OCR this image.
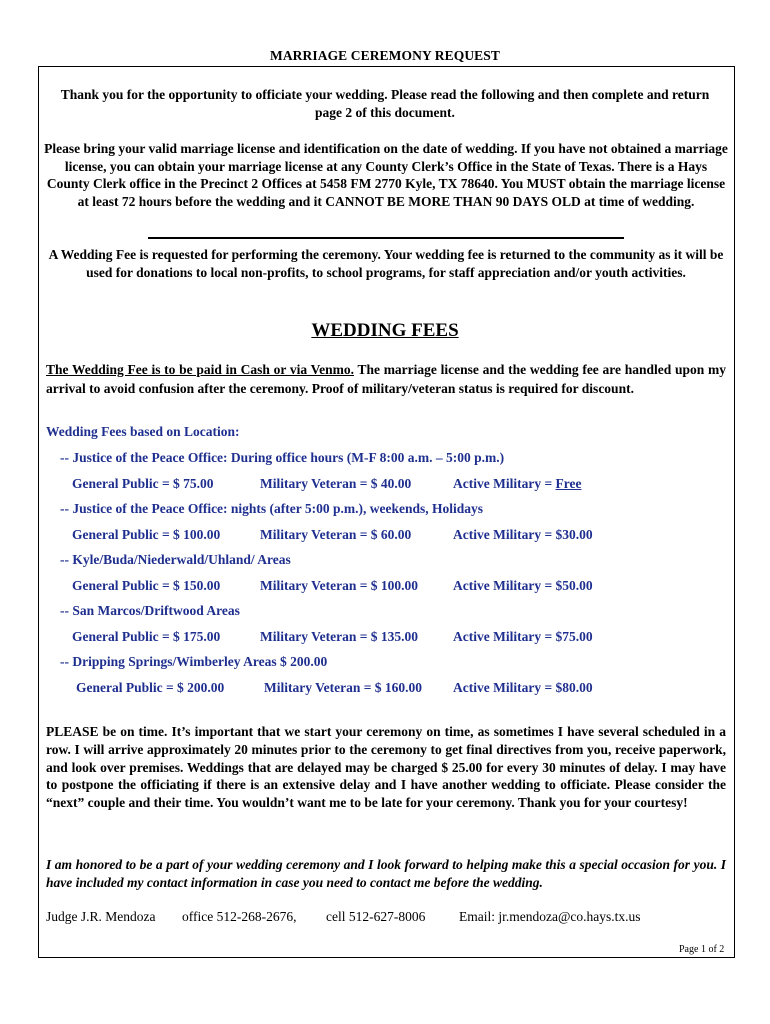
MARRIAGE CEREMONY REQUEST
Thank you for the opportunity to officiate your wedding. Please read the following and then complete and return page 2 of this document.
Please bring your valid marriage license and identification on the date of wedding. If you have not obtained a marriage license, you can obtain your marriage license at any County Clerk’s Office in the State of Texas. There is a Hays County Clerk office in the Precinct 2 Offices at 5458 FM 2770 Kyle, TX 78640. You MUST obtain the marriage license at least 72 hours before the wedding and it CANNOT BE MORE THAN 90 DAYS OLD at time of wedding.
A Wedding Fee is requested for performing the ceremony. Your wedding fee is returned to the community as it will be used for donations to local non-profits, to school programs, for staff appreciation and/or youth activities.
WEDDING FEES
The Wedding Fee is to be paid in Cash or via Venmo. The marriage license and the wedding fee are handled upon my arrival to avoid confusion after the ceremony. Proof of military/veteran status is required for discount.
Wedding Fees based on Location:
-- Justice of the Peace Office: During office hours (M-F 8:00 a.m. – 5:00 p.m.)
General Public = $ 75.00	Military Veteran = $ 40.00	Active Military = Free
-- Justice of the Peace Office: nights (after 5:00 p.m.), weekends, Holidays
General Public = $ 100.00	Military Veteran = $ 60.00	Active Military = $30.00
-- Kyle/Buda/Niederwald/Uhland/ Areas
General Public = $ 150.00	Military Veteran = $ 100.00	Active Military = $50.00
-- San Marcos/Driftwood Areas
General Public = $ 175.00	Military Veteran = $ 135.00	Active Military = $75.00
-- Dripping Springs/Wimberley Areas $ 200.00
General Public = $ 200.00	Military Veteran = $ 160.00 Active Military = $80.00
PLEASE be on time. It’s important that we start your ceremony on time, as sometimes I have several scheduled in a row. I will arrive approximately 20 minutes prior to the ceremony to get final directives from you, receive paperwork, and look over premises. Weddings that are delayed may be charged $ 25.00 for every 30 minutes of delay. I may have to postpone the officiating if there is an extensive delay and I have another wedding to officiate. Please consider the “next” couple and their time. You wouldn’t want me to be late for your ceremony. Thank you for your courtesy!
I am honored to be a part of your wedding ceremony and I look forward to helping make this a special occasion for you. I have included my contact information in case you need to contact me before the wedding.
Judge J.R. Mendoza office 512-268-2676, cell 512-627-8006 Email: jr.mendoza@co.hays.tx.us
Page 1 of 2
